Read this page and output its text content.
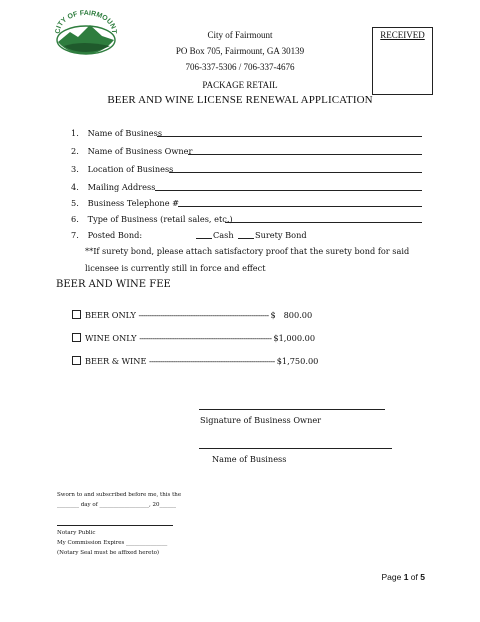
CITY OF FAIRMOUNT	City of Fairmount
PO Box 705, Fairmount, GA 30139
706-337-5306 / 706-337-4676
PACKAGE RETAIL
BEER AND WINE LICENSE RENEWAL APPLICATION
RECEIVED
1. Name of Business
2. Name of Business Owner
3. Location of Business
4. Mailing Address
5. Business Telephone #
6. Type of Business (retail sales, etc.)
7. Posted Bond:	Cash	Surety Bond
**If surety bond, please attach satisfactory proof that the surety bond for said
licensee is currently still in force and effect
BEER AND WINE FEE
BEER ONLY ------------------------------------------------------------ $   800.00
WINE ONLY ------------------------------------------------------------- $1,000.00
BEER & WINE ---------------------------------------------------------- $1,750.00
Signature of Business Owner
Name of Business
Sworn to and subscribed before me, this the
________ day of __________________, 20______
Notary Public
My Commission Expires _______________
(Notary Seal must be affixed hereto)
Page 1 of 5
